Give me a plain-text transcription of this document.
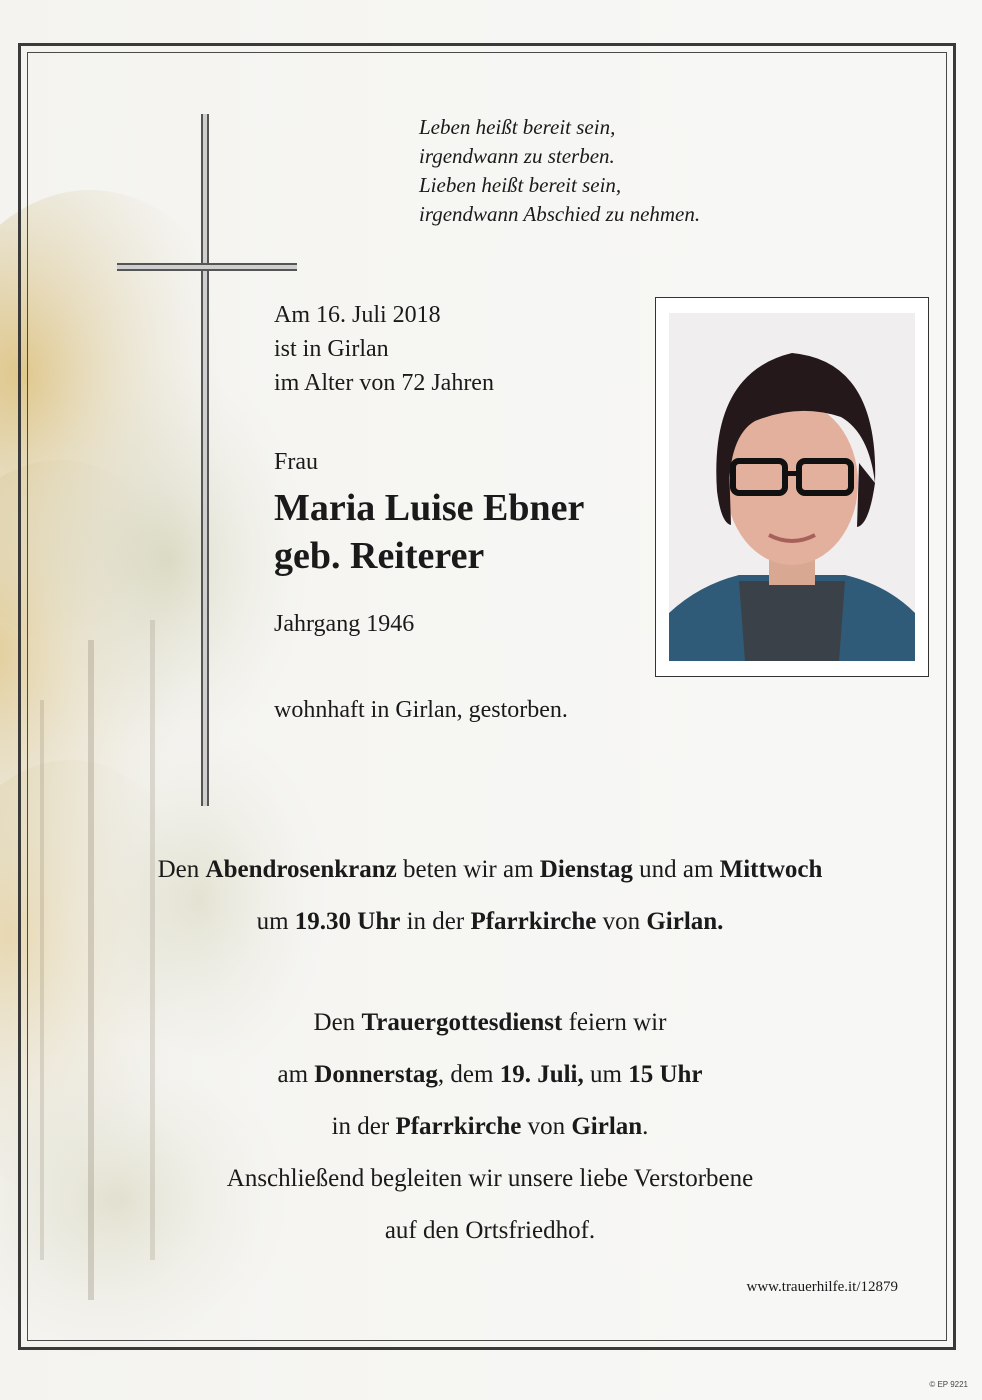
Leben heißt bereit sein,
irgendwann zu sterben.
Lieben heißt bereit sein,
irgendwann Abschied zu nehmen.
Am 16. Juli 2018
ist in Girlan
im Alter von 72 Jahren
Frau
Maria Luise Ebner
geb. Reiterer
Jahrgang 1946
wohnhaft in Girlan, gestorben.
Den Abendrosenkranz beten wir am Dienstag und am Mittwoch
um 19.30 Uhr in der Pfarrkirche von Girlan.
Den Trauergottesdienst feiern wir
am Donnerstag, dem 19. Juli, um 15 Uhr
in der Pfarrkirche von Girlan.
Anschließend begleiten wir unsere liebe Verstorbene
auf den Ortsfriedhof.
www.trauerhilfe.it/12879
© EP 9221
